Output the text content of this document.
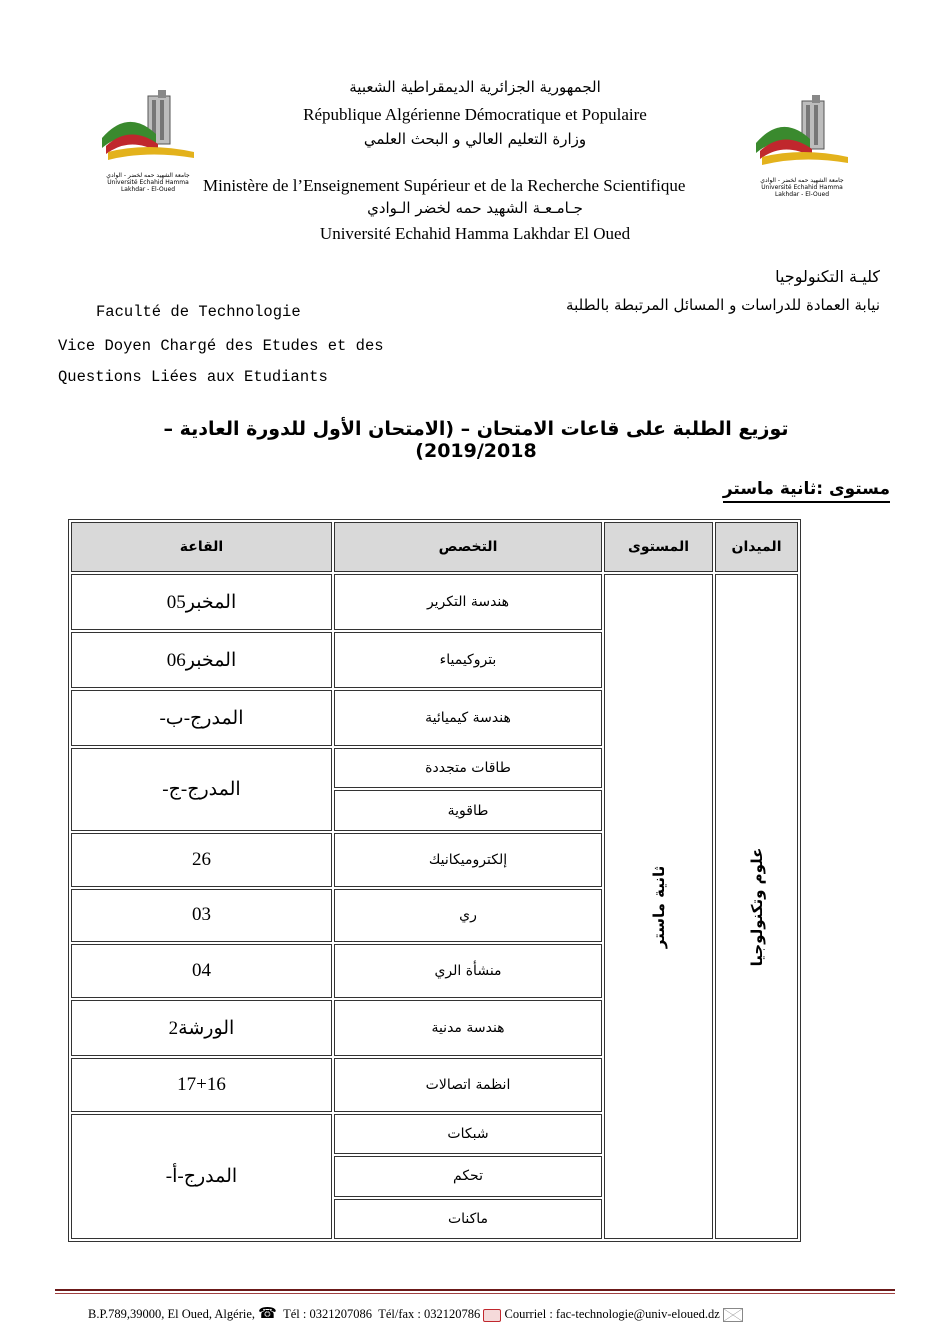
جامعة الشهيد حمه لخضر - الوادي
Université Echahid Hamma Lakhdar - El-Oued
جامعة الشهيد حمه لخضر - الوادي
Université Echahid Hamma Lakhdar - El-Oued
الجمهورية الجزائرية الديمقراطية الشعبية
République Algérienne Démocratique et Populaire
وزارة التعليم العالي و البحث العلمي
Ministère de l’Enseignement Supérieur et de la Recherche Scientifique
جـامـعـة الشهيد حمه لخضر الـوادي
Université Echahid Hamma Lakhdar El Oued
كليـة التكنولوجيا
نيابة العمادة للدراسات و المسائل المرتبطة بالطلبة
Faculté de Technologie
Vice Doyen Chargé des Etudes et des
Questions Liées aux Etudiants
توزيع الطلبة على قاعات الامتحان – (الامتحان الأول للدورة العادية – 2019/2018)
مستوى :ثانية ماستر
الميدان	المستوى	التخصص	القاعة

علوم وتكنولوجيا	ثانية ماستر	هندسة التكرير	المخبر05
		بتروكيمياء	المخبر06
		هندسة كيميائية	المدرج-ب-
		طاقات متجددة	المدرج-ج-
		طاقوية	
		إلكتروميكانيك	26
		ري	03
		منشأة الري	04
		هندسة مدنية	الورشة2
		انظمة اتصالات	17+16
		شبكات	المدرج-أ-
		تحكم	
		ماكنات	
B.P.789,39000, El Oued, Algérie, ☎ Tél : 0321207086 Tél/fax : 032120786 Courriel : fac-technologie@univ-eloued.dz
